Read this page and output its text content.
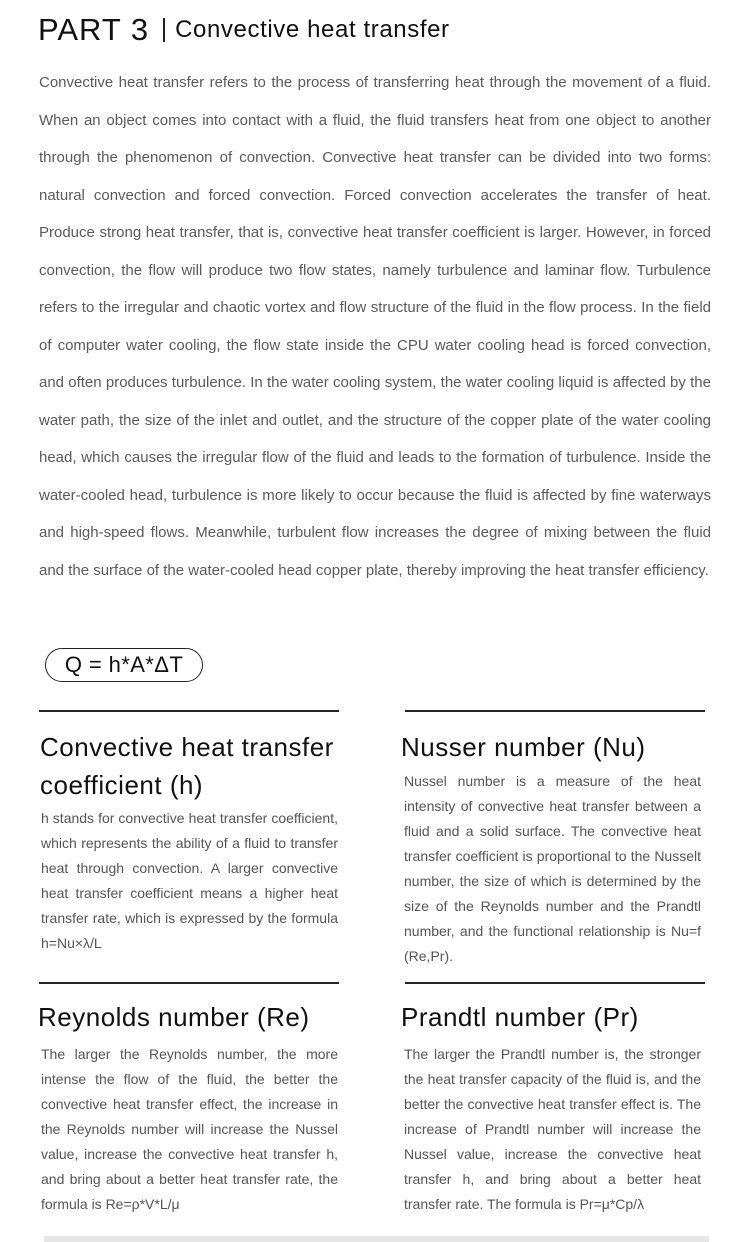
PART 3 Convective heat transfer
Convective heat transfer refers to the process of transferring heat through the movement of a fluid. When an object comes into contact with a fluid, the fluid transfers heat from one object to another through the phenomenon of convection. Convective heat transfer can be divided into two forms: natural convection and forced convection. Forced convection accelerates the transfer of heat. Produce strong heat transfer, that is, convective heat transfer coefficient is larger. However, in forced convection, the flow will produce two flow states, namely turbulence and laminar flow. Turbulence refers to the irregular and chaotic vortex and flow structure of the fluid in the flow process. In the field of computer water cooling, the flow state inside the CPU water cooling head is forced convection, and often produces turbulence. In the water cooling system, the water cooling liquid is affected by the water path, the size of the inlet and outlet, and the structure of the copper plate of the water cooling head, which causes the irregular flow of the fluid and leads to the formation of turbulence. Inside the water-cooled head, turbulence is more likely to occur because the fluid is affected by fine waterways and high-speed flows. Meanwhile, turbulent flow increases the degree of mixing between the fluid and the surface of the water-cooled head copper plate, thereby improving the heat transfer efficiency.
Q = h*A*ΔT
Convective heat transfer coefficient (h)

h stands for convective heat transfer coefficient, which represents the ability of a fluid to transfer heat through convection. A larger convective heat transfer coefficient means a higher heat transfer rate, which is expressed by the formula h=Nu×λ/L

Nusser number (Nu)

Nussel number is a measure of the heat intensity of convective heat transfer between a fluid and a solid surface. The convective heat transfer coefficient is proportional to the Nusselt number, the size of which is determined by the size of the Reynolds number and the Prandtl number, and the functional relationship is Nu=f (Re,Pr).

Reynolds number (Re)

The larger the Reynolds number, the more intense the flow of the fluid, the better the convective heat transfer effect, the increase in the Reynolds number will increase the Nussel value, increase the convective heat transfer h, and bring about a better heat transfer rate, the formula is Re=ρ*V*L/μ

Prandtl number (Pr)

The larger the Prandtl number is, the stronger the heat transfer capacity of the fluid is, and the better the convective heat transfer effect is. The increase of Prandtl number will increase the Nussel value, increase the convective heat transfer h, and bring about a better heat transfer rate. The formula is Pr=μ*Cp/λ
